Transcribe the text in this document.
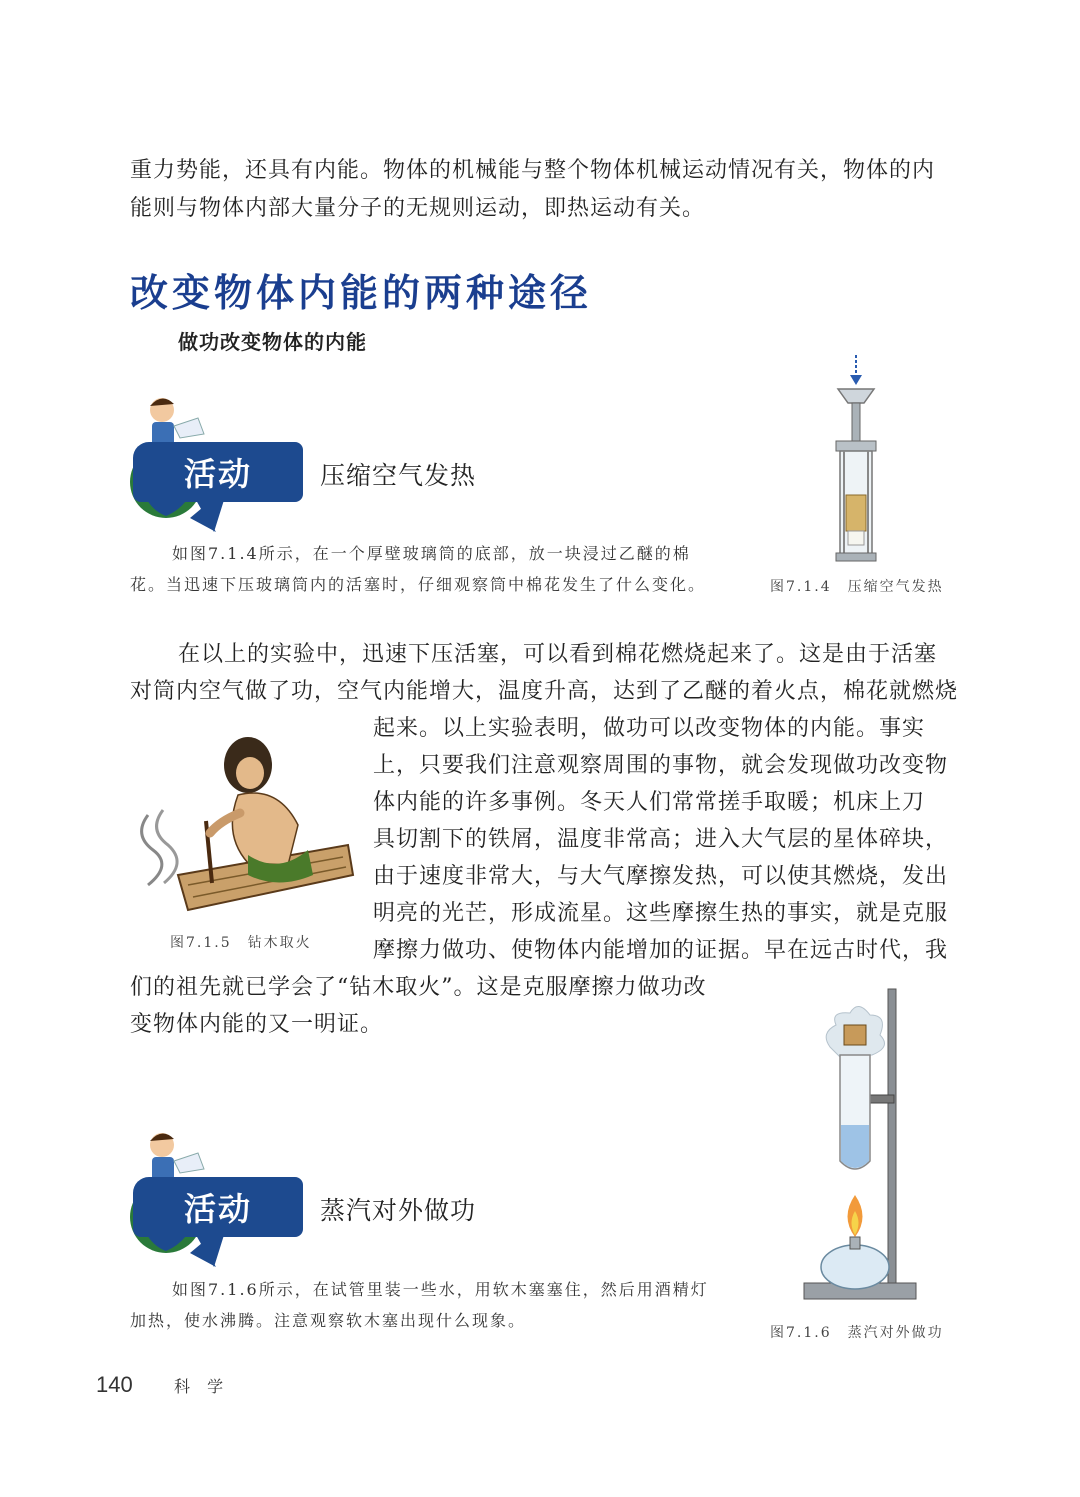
重力势能，还具有内能。物体的机械能与整个物体机械运动情况有关，物体的内
能则与物体内部大量分子的无规则运动，即热运动有关。
改变物体内能的两种途径
做功改变物体的内能
活动	压缩空气发热
如图7.1.4所示，在一个厚壁玻璃筒的底部，放一块浸过乙醚的棉
花。当迅速下压玻璃筒内的活塞时，仔细观察筒中棉花发生了什么变化。	图7.1.4　压缩空气发热
在以上的实验中，迅速下压活塞，可以看到棉花燃烧起来了。这是由于活塞
对筒内空气做了功，空气内能增大，温度升高，达到了乙醚的着火点，棉花就燃烧
起来。以上实验表明，做功可以改变物体的内能。事实
上，只要我们注意观察周围的事物，就会发现做功改变物
体内能的许多事例。冬天人们常常搓手取暖；机床上刀
具切割下的铁屑，温度非常高；进入大气层的星体碎块，
由于速度非常大，与大气摩擦发热，可以使其燃烧，发出
明亮的光芒，形成流星。这些摩擦生热的事实，就是克服
摩擦力做功、使物体内能增加的证据。早在远古时代，我
们的祖先就已学会了“钻木取火”。这是克服摩擦力做功改
变物体内能的又一明证。
图7.1.5　钻木取火
活动	蒸汽对外做功
如图7.1.6所示，在试管里装一些水，用软木塞塞住，然后用酒精灯
加热，使水沸腾。注意观察软木塞出现什么现象。
图7.1.6　蒸汽对外做功
140	科 学
